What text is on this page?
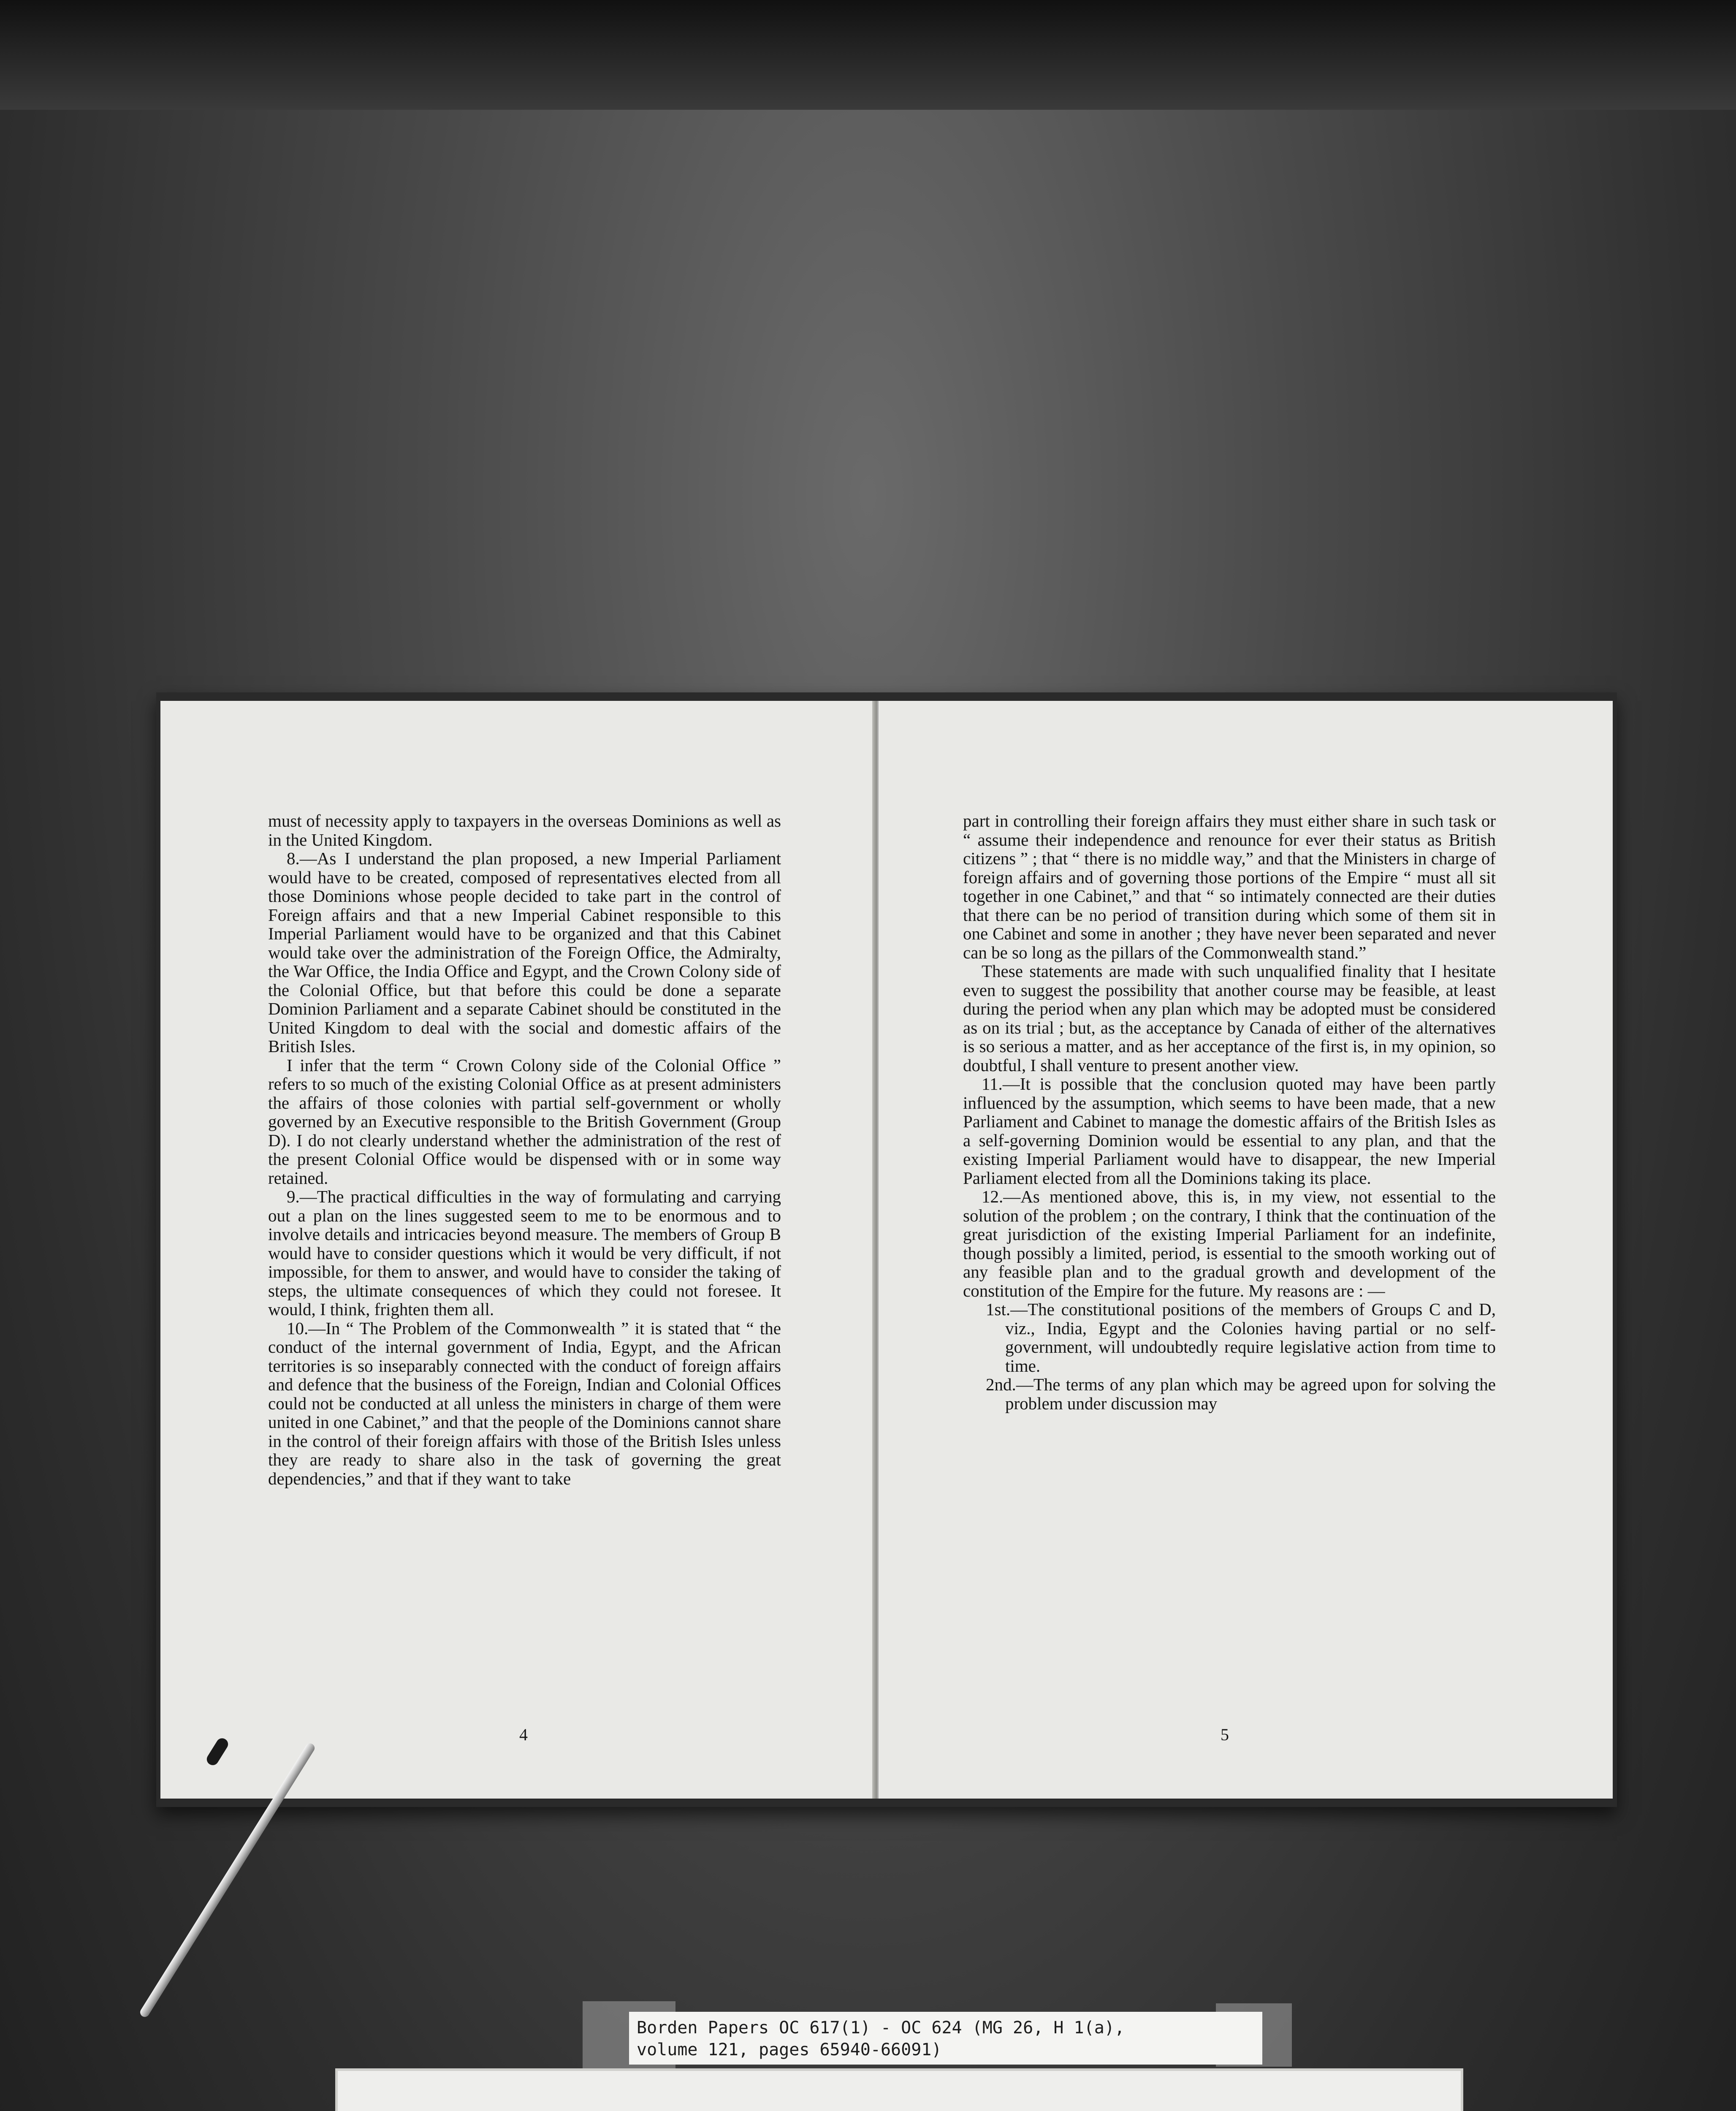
must of necessity apply to taxpayers in the overseas Dominions as well as in the United Kingdom.

8.—As I understand the plan proposed, a new Imperial Parliament would have to be created, composed of representatives elected from all those Dominions whose people decided to take part in the control of Foreign affairs and that a new Imperial Cabinet responsible to this Imperial Parliament would have to be organized and that this Cabinet would take over the administration of the Foreign Office, the Admiralty, the War Office, the India Office and Egypt, and the Crown Colony side of the Colonial Office, but that before this could be done a separate Dominion Parliament and a separate Cabinet should be constituted in the United Kingdom to deal with the social and domestic affairs of the British Isles.

I infer that the term “ Crown Colony side of the Colonial Office ” refers to so much of the existing Colonial Office as at present administers the affairs of those colonies with partial self-government or wholly governed by an Executive responsible to the British Government (Group D). I do not clearly understand whether the administration of the rest of the present Colonial Office would be dispensed with or in some way retained.

9.—The practical difficulties in the way of formulating and carrying out a plan on the lines suggested seem to me to be enormous and to involve details and intricacies beyond measure. The members of Group B would have to consider questions which it would be very difficult, if not impossible, for them to answer, and would have to consider the taking of steps, the ultimate consequences of which they could not foresee. It would, I think, frighten them all.

10.—In “ The Problem of the Commonwealth ” it is stated that “ the conduct of the internal government of India, Egypt, and the African territories is so inseparably connected with the conduct of foreign affairs and defence that the business of the Foreign, Indian and Colonial Offices could not be conducted at all unless the ministers in charge of them were united in one Cabinet,” and that the people of the Dominions cannot share in the control of their foreign affairs with those of the British Isles unless they are ready to share also in the task of governing the great dependencies,” and that if they want to take

4

part in controlling their foreign affairs they must either share in such task or “ assume their independence and renounce for ever their status as British citizens ” ; that “ there is no middle way,” and that the Ministers in charge of foreign affairs and of governing those portions of the Empire “ must all sit together in one Cabinet,” and that “ so intimately connected are their duties that there can be no period of transition during which some of them sit in one Cabinet and some in another ; they have never been separated and never can be so long as the pillars of the Commonwealth stand.”

These statements are made with such unqualified finality that I hesitate even to suggest the possibility that another course may be feasible, at least during the period when any plan which may be adopted must be considered as on its trial ; but, as the acceptance by Canada of either of the alternatives is so serious a matter, and as her acceptance of the first is, in my opinion, so doubtful, I shall venture to present another view.

11.—It is possible that the conclusion quoted may have been partly influenced by the assumption, which seems to have been made, that a new Parliament and Cabinet to manage the domestic affairs of the British Isles as a self-governing Dominion would be essential to any plan, and that the existing Imperial Parliament would have to disappear, the new Imperial Parliament elected from all the Dominions taking its place.

12.—As mentioned above, this is, in my view, not essential to the solution of the problem ; on the contrary, I think that the continuation of the great jurisdiction of the existing Imperial Parliament for an indefinite, though possibly a limited, period, is essential to the smooth working out of any feasible plan and to the gradual growth and development of the constitution of the Empire for the future. My reasons are : —

1st.—The constitutional positions of the members of Groups C and D, viz., India, Egypt and the Colonies having partial or no self-government, will undoubtedly require legislative action from time to time.

2nd.—The terms of any plan which may be agreed upon for solving the problem under discussion may

5
Borden Papers OC 617(1) - OC 624 (MG 26, H 1(a),
volume 121, pages 65940-66091)
